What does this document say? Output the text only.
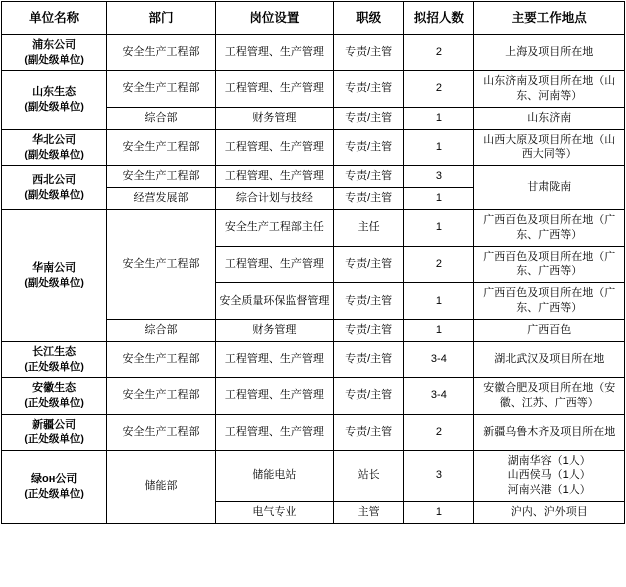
单位名称	部门	岗位设置	职级	拟招人数	主要工作地点
浦东公司
(副处级单位)	安全生产工程部	工程管理、生产管理	专责/主管	2	上海及项目所在地

山东生态
(副处级单位)	安全生产工程部	工程管理、生产管理	专责/主管	2	山东济南及项目所在地（山
东、河南等）

	综合部	财务管理	专责/主管	1	山东济南

华北公司
(副处级单位)	安全生产工程部	工程管理、生产管理	专责/主管	1	山西大原及项目所在地（山
西大同等）

西北公司
(副处级单位)	安全生产工程部	工程管理、生产管理	专责/主管	3	甘肃陇南

	经营发展部	综合计划与技经	专责/主管	1	
华南公司
(副处级单位)	安全生产工程部	安全生产工程部主任	主任	1	广西百色及项目所在地（广
东、广西等）

		工程管理、生产管理	专责/主管	2	广西百色及项目所在地（广
东、广西等）

		安全质量环保监督管理	专责/主管	1	广西百色及项目所在地（广
东、广西等）

	综合部	财务管理	专责/主管	1	广西百色

长江生态
(正处级单位)	安全生产工程部	工程管理、生产管理	专责/主管	3-4	湖北武汉及项目所在地

安徽生态
(正处级单位)	安全生产工程部	工程管理、生产管理	专责/主管	3-4	安徽合肥及项目所在地（安
徽、江苏、广西等）

新疆公司
(正处级单位)	安全生产工程部	工程管理、生产管理	专责/主管	2	新疆乌鲁木齐及项目所在地

绿он公司
(正处级单位)	储能部	储能电站	站长	3	湖南华容（1人）
山西侯马（1人）
河南兴港（1人）

		电气专业	主管	1	沪内、沪外项目
